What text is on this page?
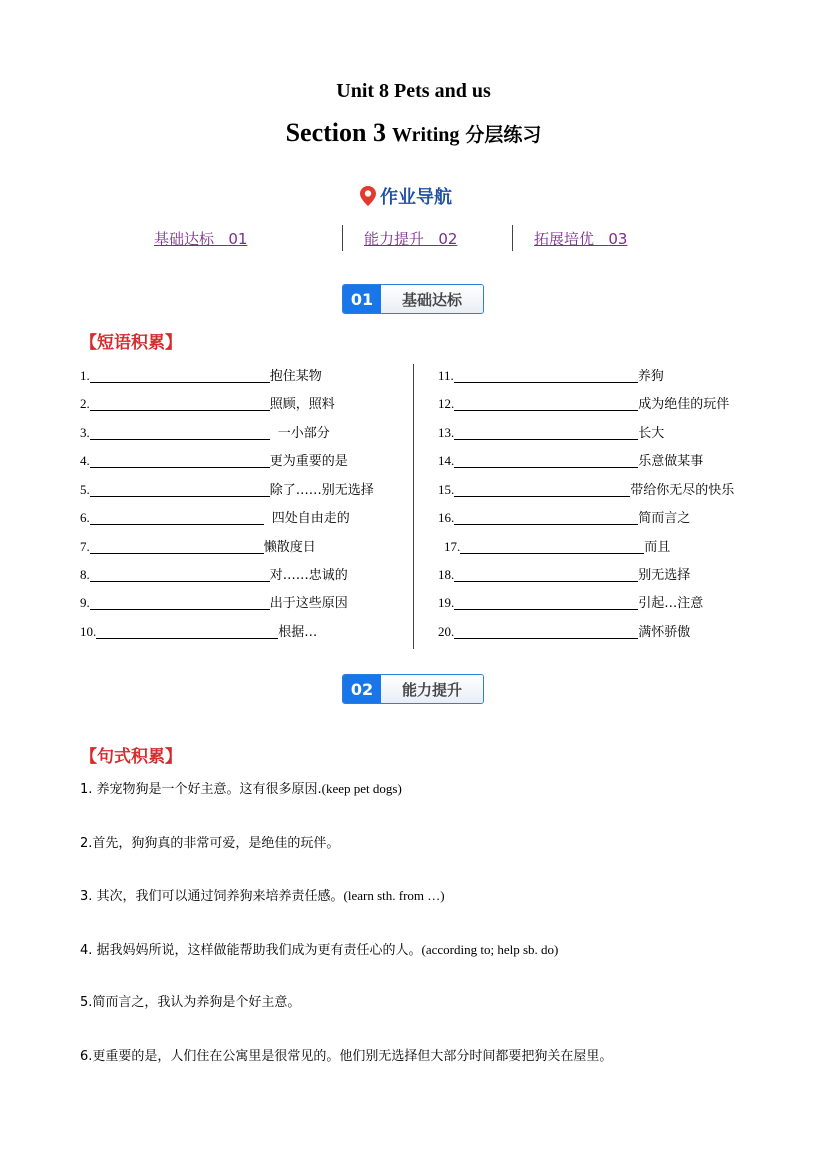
Unit 8 Pets and us
Section 3 Writing 分层练习
作业导航
基础达标 01	能力提升 02	拓展培优 03
01	基础达标
【短语积累】
1.	抱住某物
2.	照顾，照料
3.	一小部分
4.	更为重要的是
5.	除了……别无选择
6.	四处自由走的
7.	懒散度日
8.	对……忠诚的
9.	出于这些原因
10.	根据…
11.	养狗
12.	成为绝佳的玩伴
13.	长大
14.	乐意做某事
15.	带给你无尽的快乐
16.	简而言之
17.	而且
18.	别无选择
19.	引起…注意
20.	满怀骄傲
02	能力提升
【句式积累】
1. 养宠物狗是一个好主意。这有很多原因.(keep pet dogs)
2.首先，狗狗真的非常可爱，是绝佳的玩伴。
3. 其次，我们可以通过饲养狗来培养责任感。(learn sth. from …)
4. 据我妈妈所说，这样做能帮助我们成为更有责任心的人。(according to; help sb. do)
5.简而言之，我认为养狗是个好主意。
6.更重要的是，人们住在公寓里是很常见的。他们别无选择但大部分时间都要把狗关在屋里。
